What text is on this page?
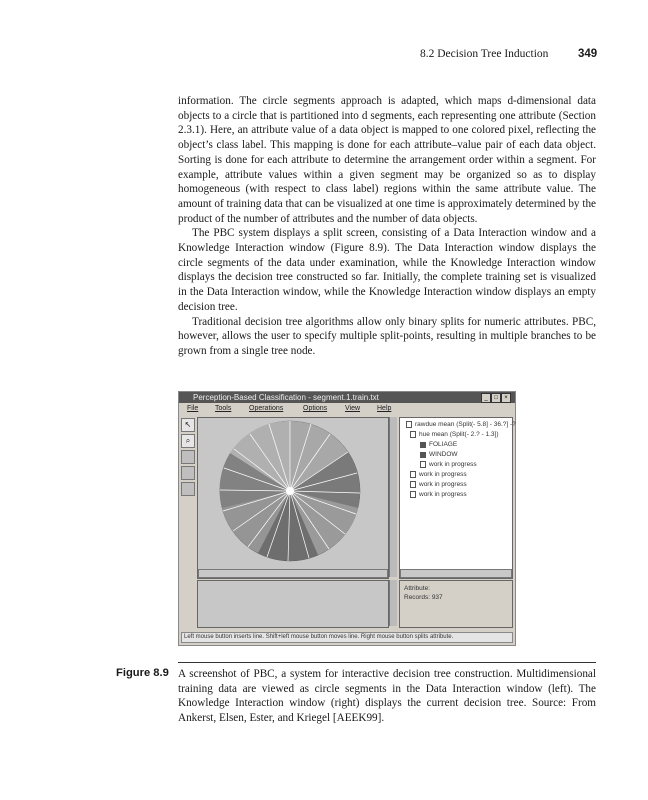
8.2 Decision Tree Induction	349

information. The circle segments approach is adapted, which maps d-dimensional data objects to a circle that is partitioned into d segments, each representing one attribute (Section 2.3.1). Here, an attribute value of a data object is mapped to one colored pixel, reflecting the object’s class label. This mapping is done for each attribute–value pair of each data object. Sorting is done for each attribute to determine the arrangement order within a segment. For example, attribute values within a given segment may be organized so as to display homogeneous (with respect to class label) regions within the same attribute value. The amount of training data that can be visualized at one time is approximately determined by the product of the number of attributes and the number of data objects.

The PBC system displays a split screen, consisting of a Data Interaction window and a Knowledge Interaction window (Figure 8.9). The Data Interaction window displays the circle segments of the data under examination, while the Knowledge Interaction window displays the decision tree constructed so far. Initially, the complete training set is visualized in the Data Interaction window, while the Knowledge Interaction window displays an empty decision tree.

Traditional decision tree algorithms allow only binary splits for numeric attributes. PBC, however, allows the user to specify multiple split-points, resulting in multiple branches to be grown from a single tree node.

Perception-Based Classification - segment.1.train.txt	_	□	×
File Tools	Operations	Options	View Help
↖
⌕
rawdue mean (Split(- 5.8] - 36.?] -?
hue mean (Split(- 2.? - 1.3])
FOLIAGE
WINDOW
work in progress
work in progress
work in progress
work in progress
Attribute:
Records: 937
Left mouse button inserts line. Shift+left mouse button moves line. Right mouse button splits attribute.
Figure 8.9 A screenshot of PBC, a system for interactive decision tree construction. Multidimensional training data are viewed as circle segments in the Data Interaction window (left). The Knowledge Interaction window (right) displays the current decision tree. Source: From Ankerst, Elsen, Ester, and Kriegel [AEEK99].
